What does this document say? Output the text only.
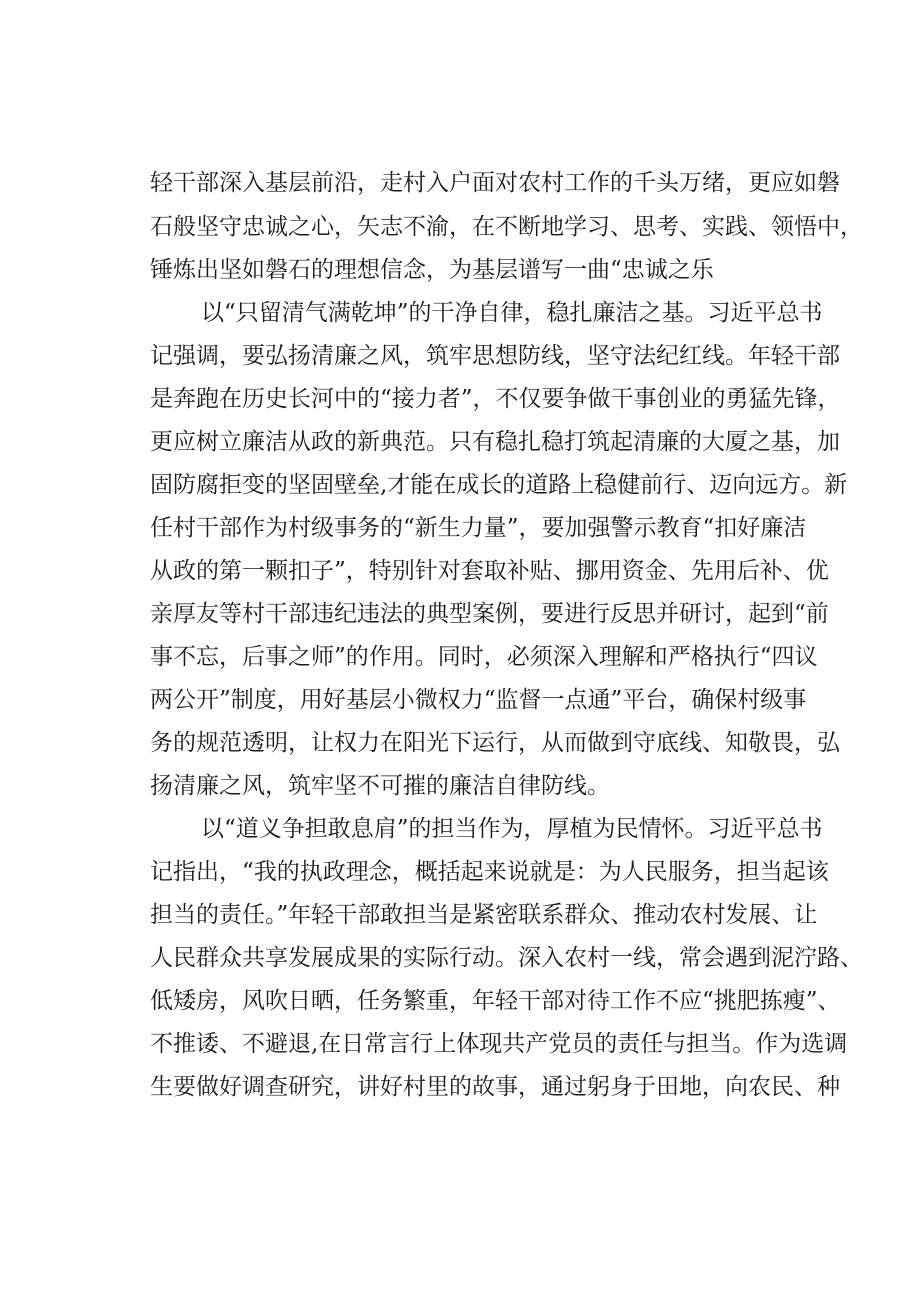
轻干部深入基层前沿，走村入户面对农村工作的千头万绪，更应如磐
石般坚守忠诚之心，矢志不渝，在不断地学习、思考、实践、领悟中，
锤炼出坚如磐石的理想信念，为基层谱写一曲“忠诚之乐
以“只留清气满乾坤”的干净自律，稳扎廉洁之基。习近平总书
记强调，要弘扬清廉之风，筑牢思想防线，坚守法纪红线。年轻干部
是奔跑在历史长河中的“接力者”，不仅要争做干事创业的勇猛先锋，
更应树立廉洁从政的新典范。只有稳扎稳打筑起清廉的大厦之基，加
固防腐拒变的坚固壁垒,才能在成长的道路上稳健前行、迈向远方。新
任村干部作为村级事务的“新生力量”，要加强警示教育“扣好廉洁
从政的第一颗扣子”，特别针对套取补贴、挪用资金、先用后补、优
亲厚友等村干部违纪违法的典型案例，要进行反思并研讨，起到“前
事不忘，后事之师”的作用。同时，必须深入理解和严格执行“四议
两公开”制度，用好基层小微权力“监督一点通”平台，确保村级事
务的规范透明，让权力在阳光下运行，从而做到守底线、知敬畏，弘
扬清廉之风，筑牢坚不可摧的廉洁自律防线。
以“道义争担敢息肩”的担当作为，厚植为民情怀。习近平总书
记指出，“我的执政理念，概括起来说就是：为人民服务，担当起该
担当的责任。”年轻干部敢担当是紧密联系群众、推动农村发展、让
人民群众共享发展成果的实际行动。深入农村一线，常会遇到泥泞路、
低矮房，风吹日晒，任务繁重，年轻干部对待工作不应“挑肥拣瘦”、
不推诿、不避退,在日常言行上体现共产党员的责任与担当。作为选调
生要做好调查研究，讲好村里的故事，通过躬身于田地，向农民、种
